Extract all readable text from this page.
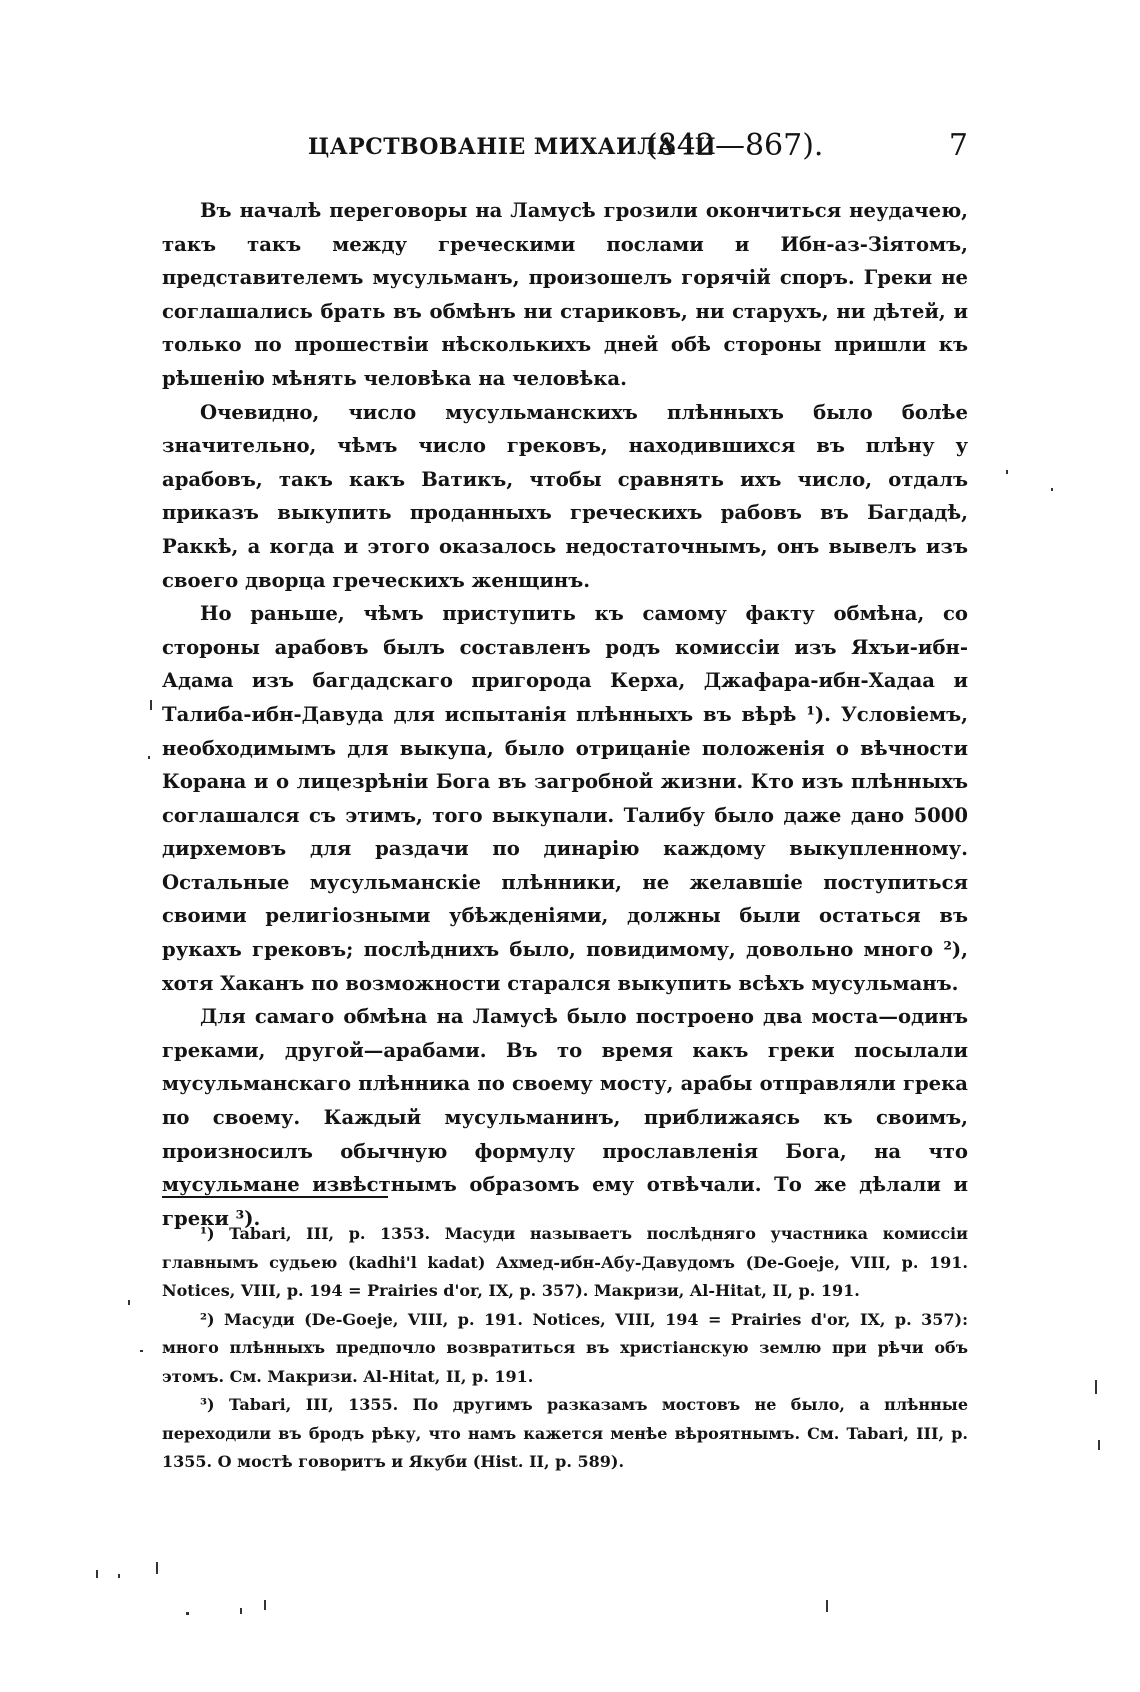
ЦАРСТВОВАНІЕ МИХАИЛА III
(842—867).	7

Въ началѣ переговоры на Ламусѣ грозили окончиться неудачею, такъ такъ между греческими послами и Ибн-аз-Зіятомъ, представителемъ мусульманъ, произошелъ горячій споръ. Греки не соглашались брать въ обмѣнъ ни стариковъ, ни старухъ, ни дѣтей, и только по прошествіи нѣсколькихъ дней обѣ стороны пришли къ рѣшенію мѣнять человѣка на человѣка.

Очевидно, число мусульманскихъ плѣнныхъ было болѣе значительно, чѣмъ число грековъ, находившихся въ плѣну у арабовъ, такъ какъ Ватикъ, чтобы сравнять ихъ число, отдалъ приказъ выкупить проданныхъ греческихъ рабовъ въ Багдадѣ, Раккѣ, а когда и этого оказалось недостаточнымъ, онъ вывелъ изъ своего дворца греческихъ женщинъ.

Но раньше, чѣмъ приступить къ самому факту обмѣна, со стороны арабовъ былъ составленъ родъ комиссіи изъ Яхъи-ибн-Адама изъ багдадскаго пригорода Керха, Джафара-ибн-Хадаа и Талиба-ибн-Давуда для испытанія плѣнныхъ въ вѣрѣ ¹). Условіемъ, необходимымъ для выкупа, было отрицаніе положенія о вѣчности Корана и о лицезрѣніи Бога въ загробной жизни. Кто изъ плѣнныхъ соглашался съ этимъ, того выкупали. Талибу было даже дано 5000 дирхемовъ для раздачи по динарію каждому выкупленному. Остальные мусульманскіе плѣнники, не желавшіе поступиться своими религіозными убѣжденіями, должны были остаться въ рукахъ грековъ; послѣднихъ было, повидимому, довольно много ²), хотя Хаканъ по возможности старался выкупить всѣхъ мусульманъ.

Для самаго обмѣна на Ламусѣ было построено два моста—одинъ греками, другой—арабами. Въ то время какъ греки посылали мусульманскаго плѣнника по своему мосту, арабы отправляли грека по своему. Каждый мусульманинъ, приближаясь къ своимъ, произносилъ обычную формулу прославленія Бога, на что мусульмане извѣстнымъ образомъ ему отвѣчали. То же дѣлали и греки ³).

¹) Tabari, III, p. 1353. Масуди называетъ послѣдняго участника комиссіи главнымъ судьею (kadhi'l kadat) Ахмед-ибн-Абу-Давудомъ (De-Goeje, VIII, p. 191. Notices, VIII, p. 194 = Prairies d'or, IX, p. 357). Макризи, Al-Hitat, II, p. 191.

²) Масуди (De-Goeje, VIII, p. 191. Notices, VIII, 194 = Prairies d'or, IX, p. 357): много плѣнныхъ предпочло возвратиться въ христіанскую землю при рѣчи объ этомъ. См. Макризи. Al-Hitat, II, p. 191.

³) Tabari, III, 1355. По другимъ разказамъ мостовъ не было, а плѣнные переходили въ бродъ рѣку, что намъ кажется менѣе вѣроятнымъ. См. Tabari, III, p. 1355. О мостѣ говоритъ и Якуби (Hist. II, p. 589).
